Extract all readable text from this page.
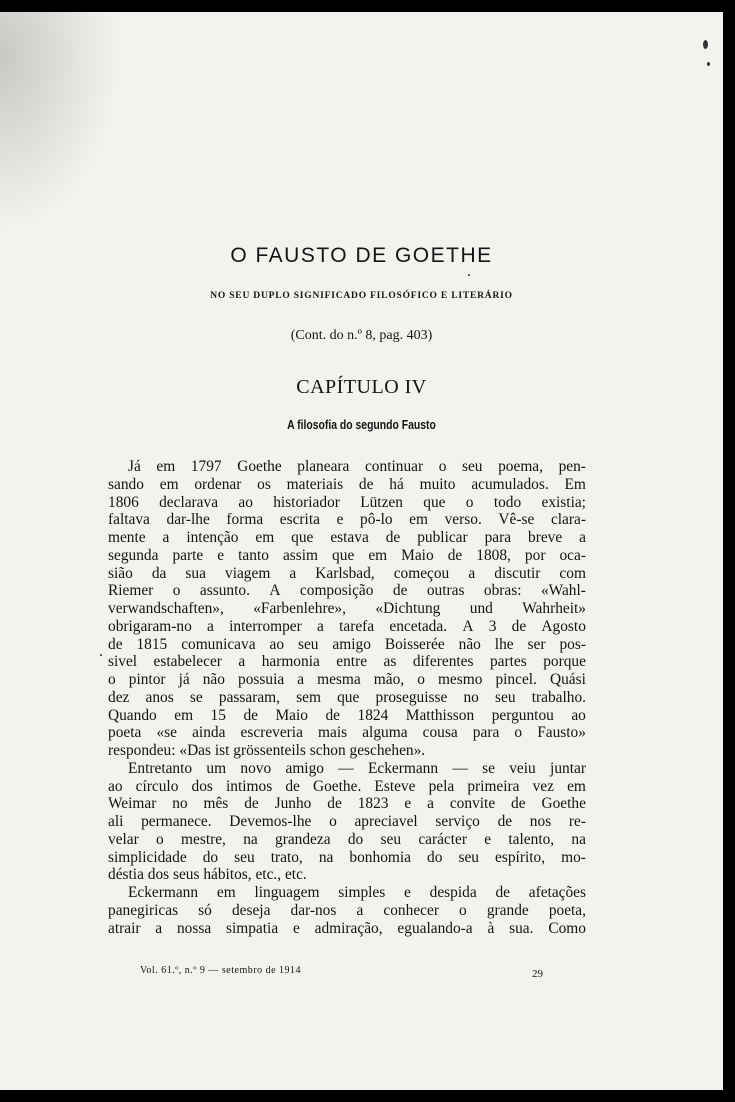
O FAUSTO DE GOETHE
NO SEU DUPLO SIGNIFICADO FILOSÓFICO E LITERÁRIO
(Cont. do n.º 8, pag. 403)
CAPÍTULO IV
A filosofia do segundo Fausto
.
Já em 1797 Goethe planeara continuar o seu poema, pen-
sando em ordenar os materiais de há muito acumulados. Em
1806 declarava ao historiador Lützen que o todo existia;
faltava dar-lhe forma escrita e pô-lo em verso. Vê-se clara-
mente a intenção em que estava de publicar para breve a
segunda parte e tanto assim que em Maio de 1808, por oca-
sião da sua viagem a Karlsbad, começou a discutir com
Riemer o assunto. A composição de outras obras: «Wahl-
verwandschaften», «Farbenlehre», «Dichtung und Wahrheit»
obrigaram-no a interromper a tarefa encetada. A 3 de Agosto
de 1815 comunicava ao seu amigo Boisserée não lhe ser pos-
sivel estabelecer a harmonia entre as diferentes partes porque
o pintor já não possuia a mesma mão, o mesmo pincel. Quási
dez anos se passaram, sem que proseguisse no seu trabalho.
Quando em 15 de Maio de 1824 Matthisson perguntou ao
poeta «se ainda escreveria mais alguma cousa para o Fausto»
respondeu: «Das ist grössenteils schon geschehen».
Entretanto um novo amigo — Eckermann — se veiu juntar
ao círculo dos intimos de Goethe. Esteve pela primeira vez em
Weimar no mês de Junho de 1823 e a convite de Goethe
ali permanece. Devemos-lhe o apreciavel serviço de nos re-
velar o mestre, na grandeza do seu carácter e talento, na
simplicidade do seu trato, na bonhomia do seu espírito, mo-
déstia dos seus hábitos, etc., etc.
Eckermann em linguagem simples e despida de afetações
panegiricas só deseja dar-nos a conhecer o grande poeta,
atrair a nossa simpatia e admiração, egualando-a à sua. Como
Vol. 61.º, n.º 9 — setembro de 1914	29
